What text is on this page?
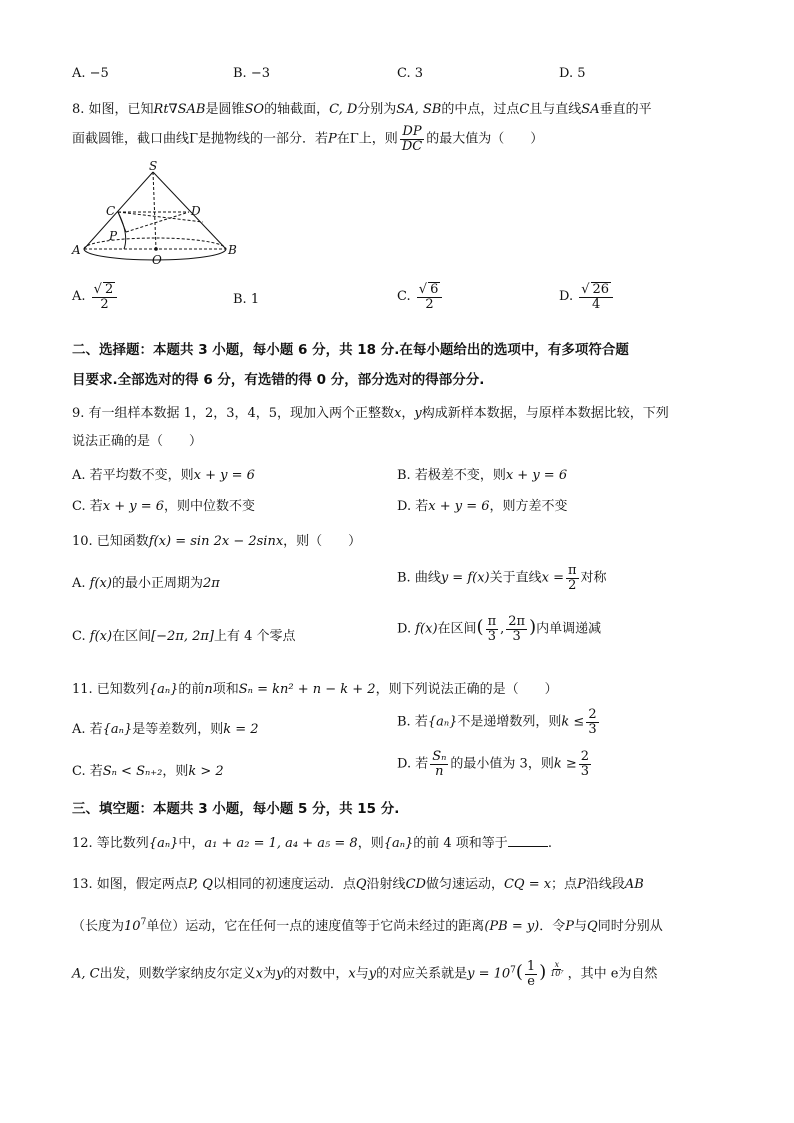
A. −5	B. −3	C. 3	D. 5
8. 如图，已知Rt∇SAB是圆锥SO的轴截面，C, D分别为SA, SB的中点，过点C且与直线SA垂直的平
面截圆锥，截口曲线Γ是抛物线的一部分．若P在Γ上，则 $\frac{DP}{DC}$ 的最大值为（　　）
S
C	D
P
A
O
B
A. $\frac{√ 2}{2}$	B. 1	C. $\frac{√ 6}{2}$	D. $\frac{√ 26}{4}$
二、选择题：本题共 3 小题，每小题 6 分，共 18 分.在每小题给出的选项中，有多项符合题
目要求.全部选对的得 6 分，有选错的得 0 分，部分选对的得部分分.
9. 有一组样本数据 1，2，3，4，5，现加入两个正整数x，y构成新样本数据，与原样本数据比较，下列
说法正确的是（　　）
A. 若平均数不变，则x + y = 6	B. 若极差不变，则x + y = 6
C. 若x + y = 6，则中位数不变	D. 若x + y = 6，则方差不变
10. 已知函数f(x) = sin 2x − 2sinx，则（　　）
A. f(x)的最小正周期为2π	B. 曲线y = f(x)关于直线$x = \frac{\pi}{2}$ 对称
C. f(x)在区间[−2π, 2π]上有 4 个零点	D. f(x)在区间( $\frac{\pi}{3}$ , $\frac{2\pi}{3}$ )内单调递减
11. 已知数列{aₙ}的前n项和Sₙ = kn² + n − k + 2，则下列说法正确的是（　　）
A. 若{aₙ}是等差数列，则k = 2	B. 若{aₙ}不是递增数列，则$k \le \frac{2}{3}$
C. 若Sₙ < Sₙ₊₂，则k > 2	D. 若 $\frac{\text{Sₙ}}{n}$ 的最小值为 3，则$k \ge \frac{2}{3}$
三、填空题：本题共 3 小题，每小题 5 分，共 15 分.
12. 等比数列{aₙ}中，a₁ + a₂ = 1, a₄ + a₅ = 8，则{aₙ}的前 4 项和等于	.
13. 如图，假定两点P, Q以相同的初速度运动．点Q沿射线CD做匀速运动，CQ = x；点P沿线段AB
（长度为$10^7$单位）运动，它在任何一点的速度值等于它尚未经过的距离(PB = y)．令P与Q同时分别从
A, C出发，则数学家纳皮尔定义x为y的对数中，x与y的对应关系就是$y = 10^7( \frac{1}{e}$ ) $^{\frac{x}{\text{10⁷}}}$ ，其中 e为自然
